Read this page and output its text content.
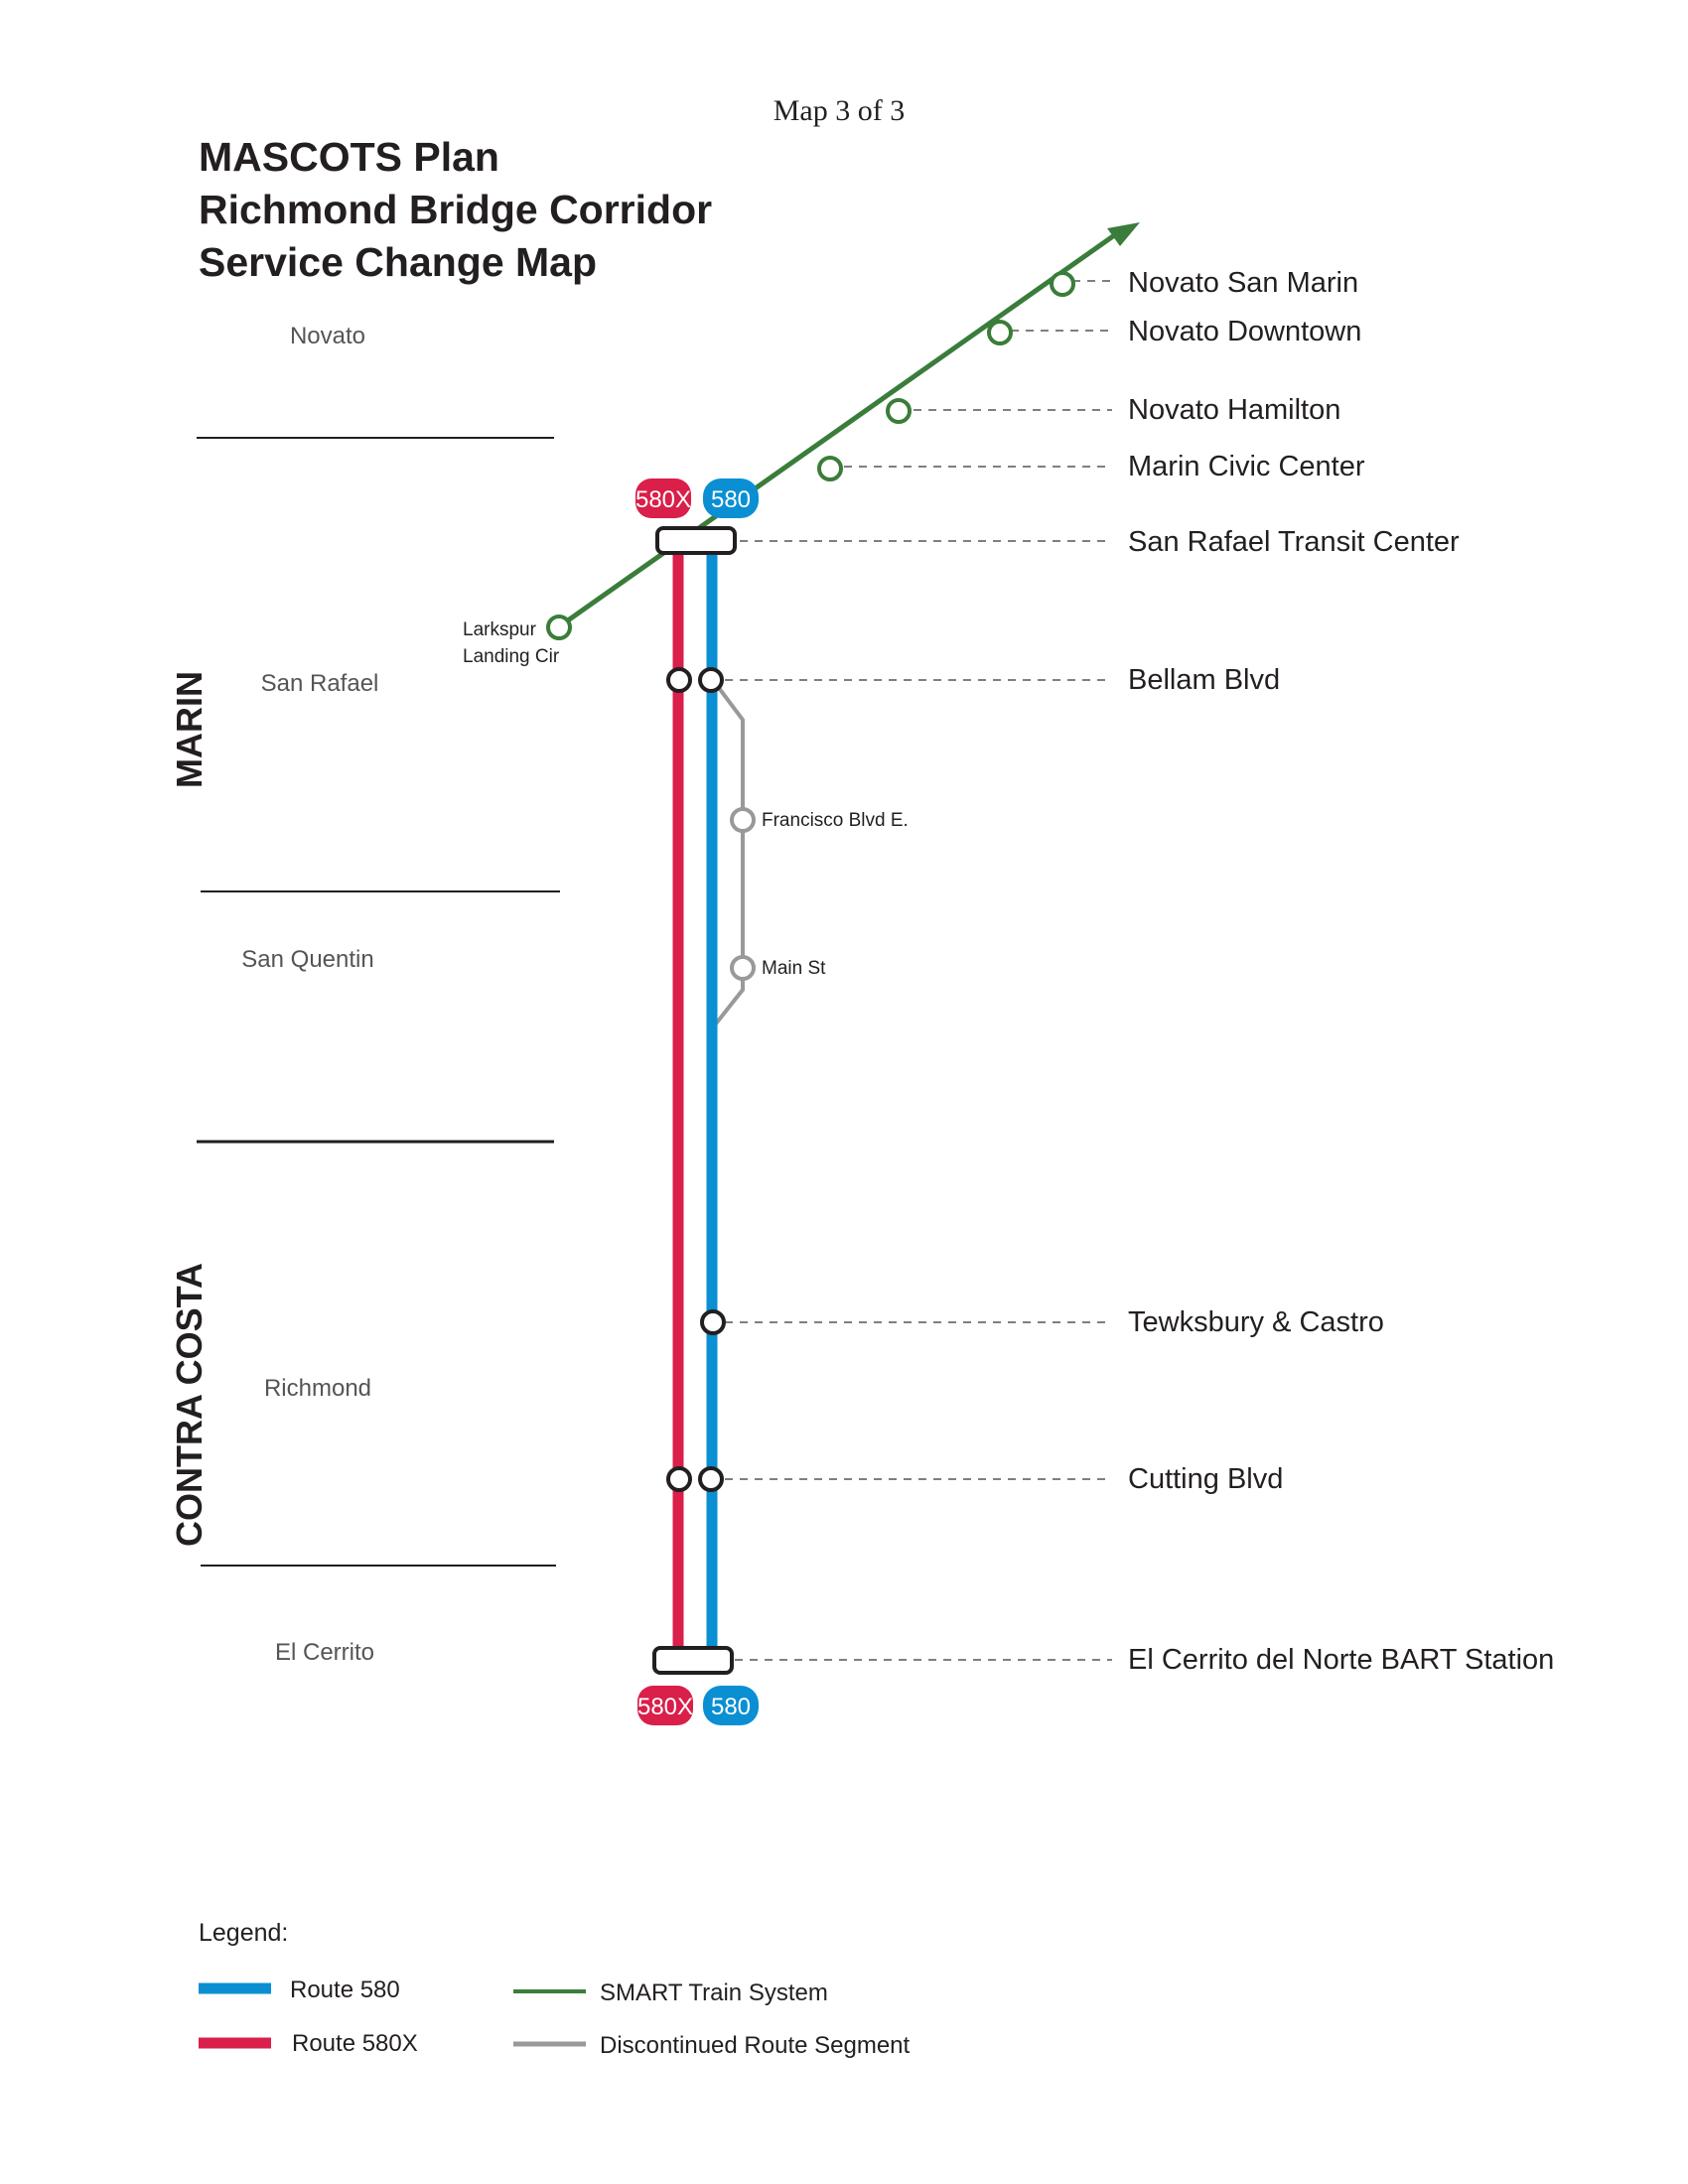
Map 3 of 3
MASCOTS Plan
Richmond Bridge Corridor
Service Change Map
MARIN
CONTRA COSTA
Novato
San Rafael
San Quentin
Richmond
El Cerrito
580X 580
580X 580
Novato San Marin
Novato Downtown
Novato Hamilton
Marin Civic Center
San Rafael Transit Center
Bellam Blvd
Tewksbury & Castro
Cutting Blvd
El Cerrito del Norte BART Station
Larkspur
Landing Cir
Francisco Blvd E.
Main St
Legend:
Route 580
Route 580X
SMART Train System
Discontinued Route Segment
